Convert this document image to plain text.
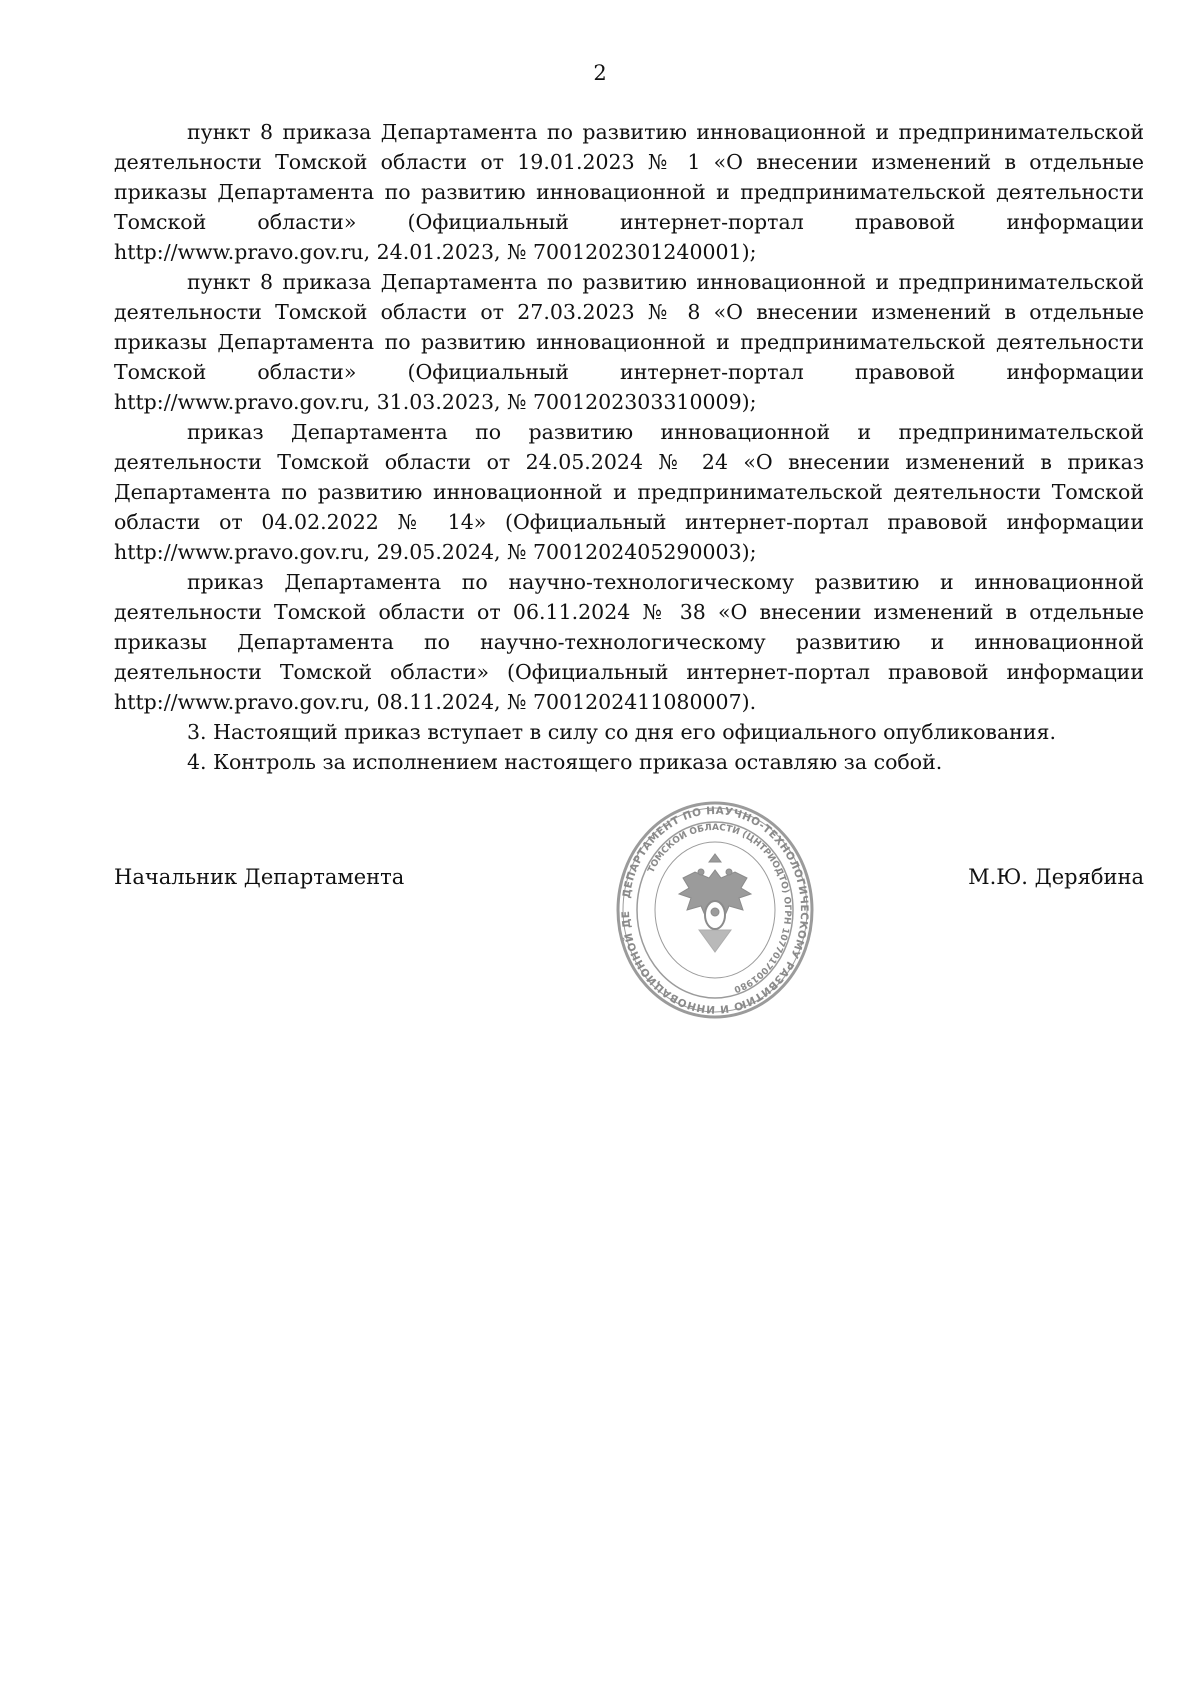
2

пункт 8 приказа Департамента по развитию инновационной и предпринимательской деятельности Томской области от 19.01.2023 № 1 «О внесении изменений в отдельные приказы Департамента по развитию инновационной и предпринимательской деятельности Томской области» (Официальный интернет-портал правовой информации http://www.pravo.gov.ru, 24.01.2023, № 7001202301240001);

пункт 8 приказа Департамента по развитию инновационной и предпринимательской деятельности Томской области от 27.03.2023 № 8 «О внесении изменений в отдельные приказы Департамента по развитию инновационной и предпринимательской деятельности Томской области» (Официальный интернет-портал правовой информации http://www.pravo.gov.ru, 31.03.2023, № 7001202303310009);

приказ Департамента по развитию инновационной и предпринимательской деятельности Томской области от 24.05.2024 № 24 «О внесении изменений в приказ Департамента по развитию инновационной и предпринимательской деятельности Томской области от 04.02.2022 № 14» (Официальный интернет-портал правовой информации http://www.pravo.gov.ru, 29.05.2024, № 7001202405290003);

приказ Департамента по научно-технологическому развитию и инновационной деятельности Томской области от 06.11.2024 № 38 «О внесении изменений в отдельные приказы Департамента по научно-технологическому развитию и инновационной деятельности Томской области» (Официальный интернет-портал правовой информации http://www.pravo.gov.ru, 08.11.2024, № 7001202411080007).

3. Настоящий приказ вступает в силу со дня его официального опубликования.

4. Контроль за исполнением настоящего приказа оставляю за собой.

Начальник Департамента	М.Ю. Дерябина
ДЕПАРТАМЕНТ ПО НАУЧНО-ТЕХНОЛОГИЧЕСКОМУ РАЗВИТИЮ И ИННОВАЦИОННОЙ ДЕ
ТОМСКОЙ ОБЛАСТИ (ЦНТРИОДТО) ОГРН 1077017001980
